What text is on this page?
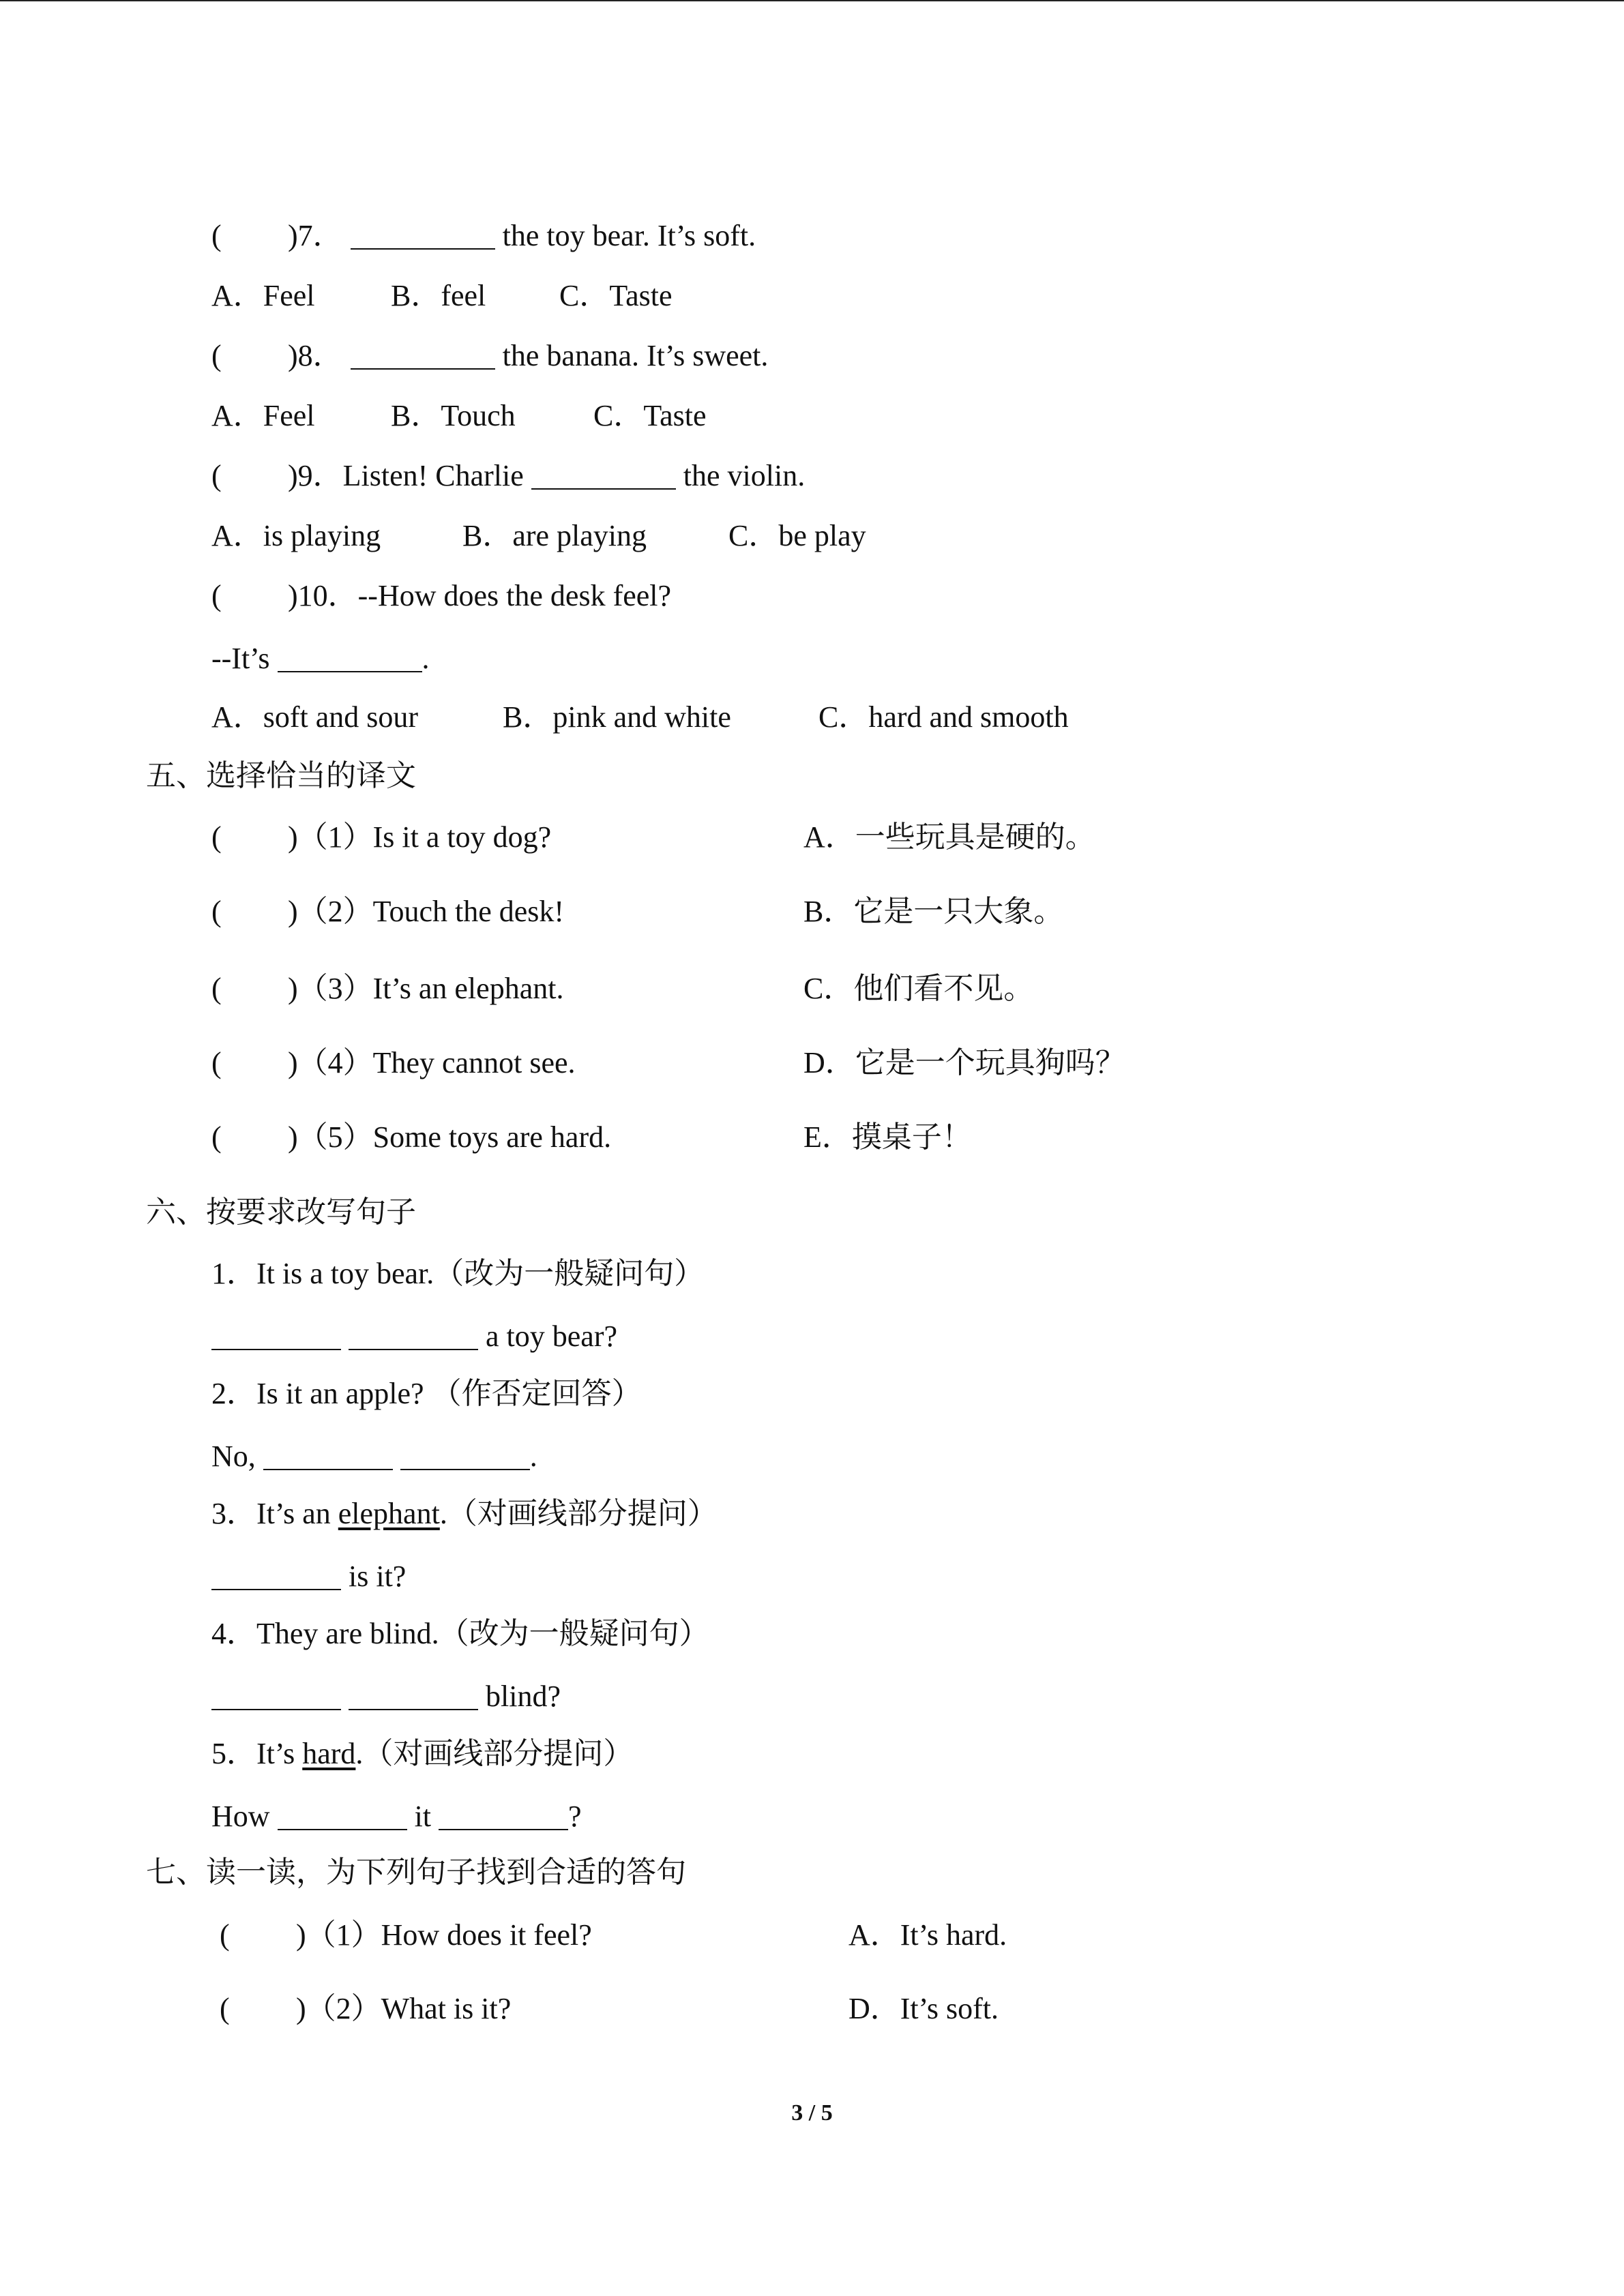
( )7．	the toy bear. It’s soft.
A．Feel	B．feel C．Taste
( )8．	the banana. It’s sweet.
A．Feel	B．Touch	C．Taste
( )9．Listen! Charlie	the violin.
A．is playing	B．are playing	C．be play
( )10．--How does the desk feel?
--It’s	.
A．soft and sour	B．pink and white	C．hard and smooth
五、选择恰当的译文
( )（1）Is it a toy dog?	A．一些玩具是硬的。
( )（2）Touch the desk!	B．它是一只大象。
( )（3）It’s an elephant.	C．他们看不见。
( )（4）They cannot see.	D．它是一个玩具狗吗？
( )（5）Some toys are hard.	E．摸桌子！
六、按要求改写句子
1．It is a toy bear.（改为一般疑问句）
a toy bear?
2．Is it an apple? （作否定回答）
No,	.
3．It’s an elephant.（对画线部分提问）
is it?
4．They are blind.（改为一般疑问句）
blind?
5．It’s hard.（对画线部分提问）
How	it	?
七、读一读，为下列句子找到合适的答句
( )（1）How does it feel?	A．It’s hard.
( )（2）What is it?	D．It’s soft.
3 / 5
